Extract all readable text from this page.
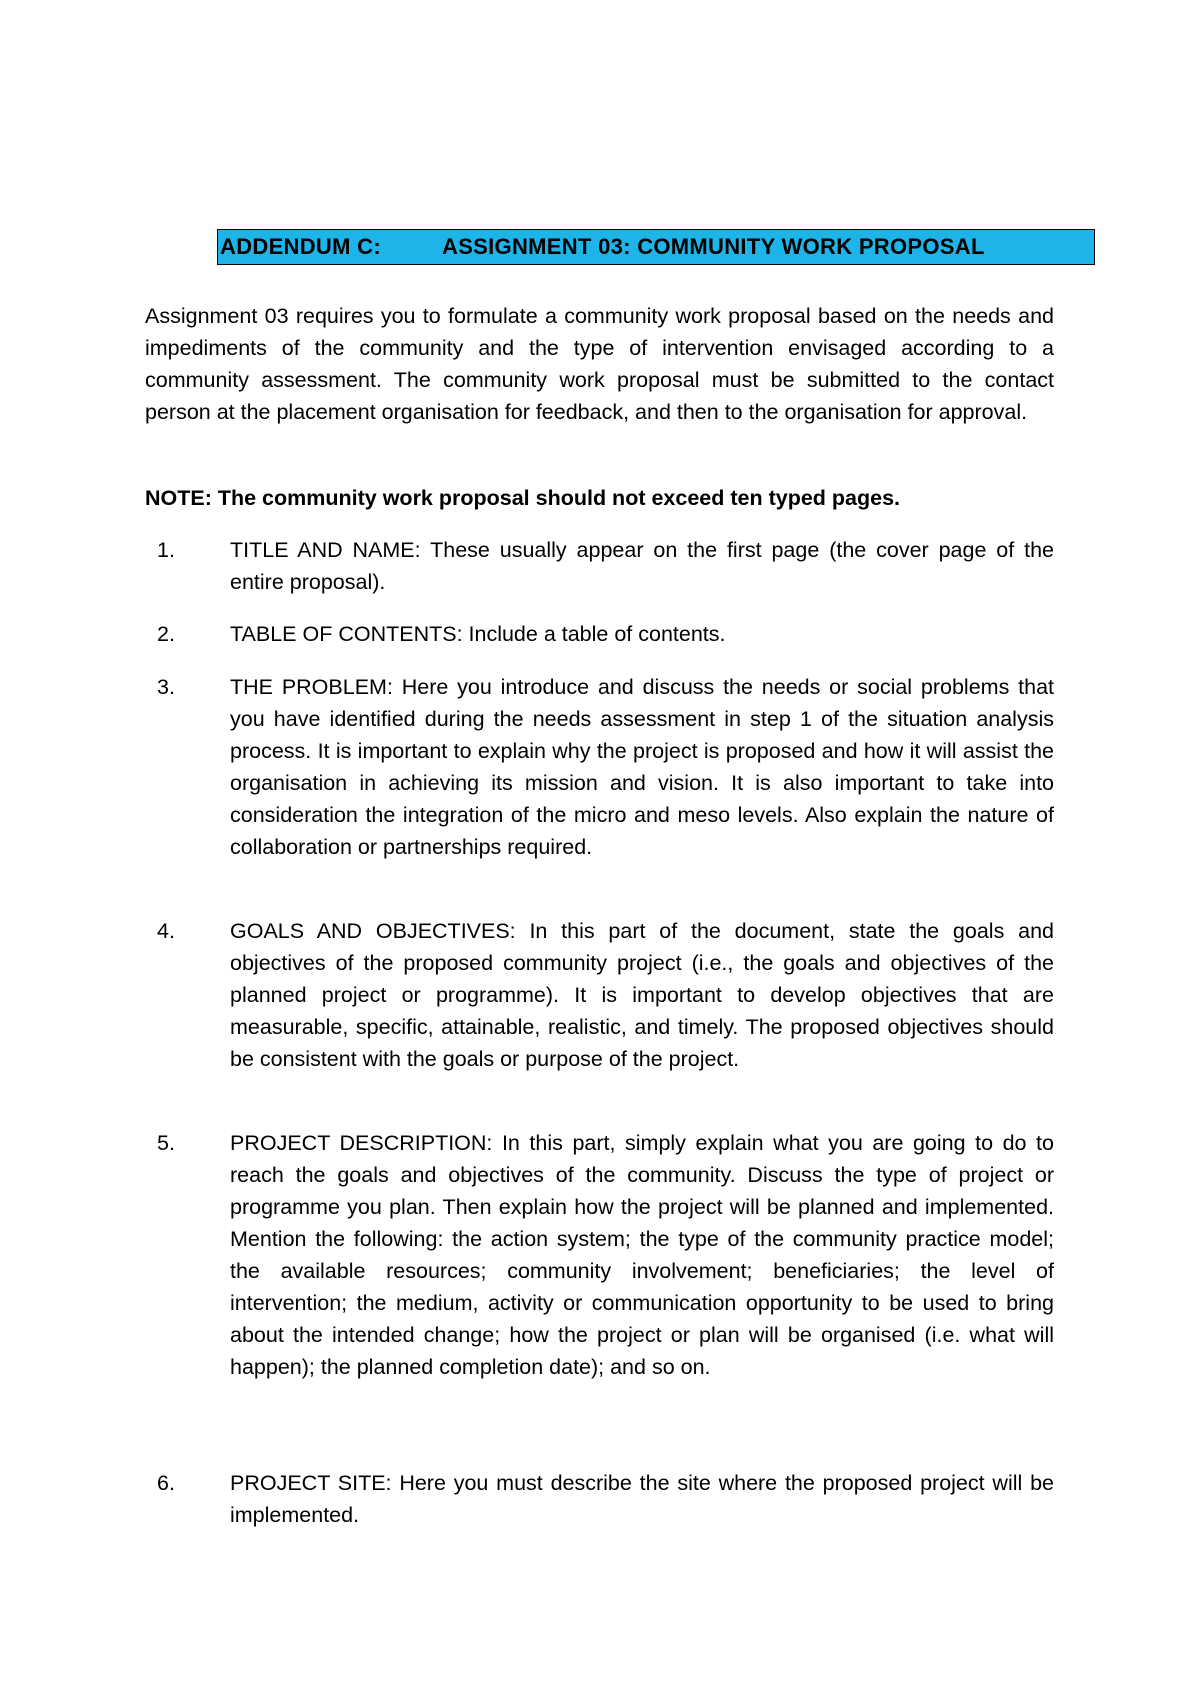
ADDENDUM C:	ASSIGNMENT 03: COMMUNITY WORK PROPOSAL

Assignment 03 requires you to formulate a community work proposal based on the needs and impediments of the community and the type of intervention envisaged according to a community assessment. The community work proposal must be submitted to the contact person at the placement organisation for feedback, and then to the organisation for approval.

NOTE: The community work proposal should not exceed ten typed pages.

1.	TITLE AND NAME: These usually appear on the first page (the cover page of the entire proposal).

2.	TABLE OF CONTENTS: Include a table of contents.

3.	THE PROBLEM: Here you introduce and discuss the needs or social problems that you have identified during the needs assessment in step 1 of the situation analysis process. It is important to explain why the project is proposed and how it will assist the organisation in achieving its mission and vision. It is also important to take into consideration the integration of the micro and meso levels. Also explain the nature of collaboration or partnerships required.

4.	GOALS AND OBJECTIVES: In this part of the document, state the goals and objectives of the proposed community project (i.e., the goals and objectives of the planned project or programme). It is important to develop objectives that are measurable, specific, attainable, realistic, and timely. The proposed objectives should be consistent with the goals or purpose of the project.

5.	PROJECT DESCRIPTION: In this part, simply explain what you are going to do to reach the goals and objectives of the community. Discuss the type of project or programme you plan. Then explain how the project will be planned and implemented. Mention the following: the action system; the type of the community practice model; the available resources; community involvement; beneficiaries; the level of intervention; the medium, activity or communication opportunity to be used to bring about the intended change; how the project or plan will be organised (i.e. what will happen); the planned completion date); and so on.

6.	PROJECT SITE: Here you must describe the site where the proposed project will be implemented.
